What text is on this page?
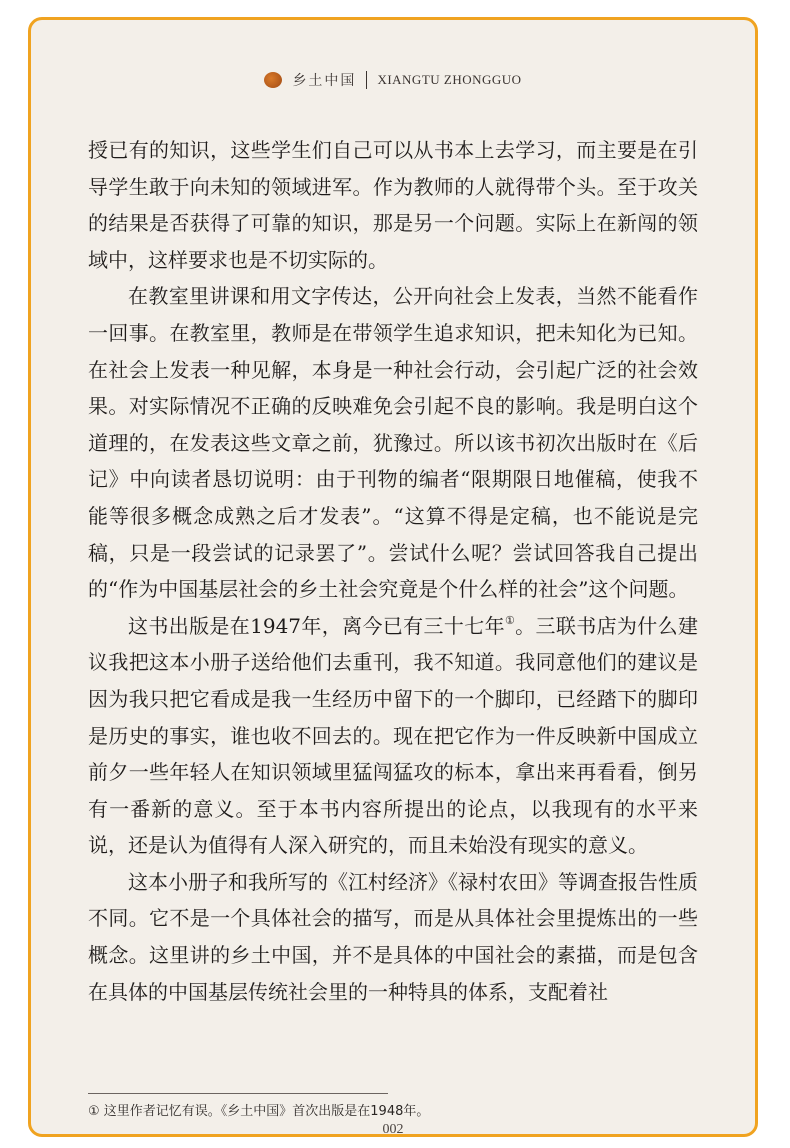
乡土中国 XIANGTU ZHONGGUO

授已有的知识，这些学生们自己可以从书本上去学习，而主要是在引导学生敢于向未知的领域进军。作为教师的人就得带个头。至于攻关的结果是否获得了可靠的知识，那是另一个问题。实际上在新闯的领域中，这样要求也是不切实际的。

在教室里讲课和用文字传达，公开向社会上发表，当然不能看作一回事。在教室里，教师是在带领学生追求知识，把未知化为已知。在社会上发表一种见解，本身是一种社会行动，会引起广泛的社会效果。对实际情况不正确的反映难免会引起不良的影响。我是明白这个道理的，在发表这些文章之前，犹豫过。所以该书初次出版时在《后记》中向读者恳切说明：由于刊物的编者“限期限日地催稿，使我不能等很多概念成熟之后才发表”。“这算不得是定稿，也不能说是完稿，只是一段尝试的记录罢了”。尝试什么呢？尝试回答我自己提出的“作为中国基层社会的乡土社会究竟是个什么样的社会”这个问题。

这书出版是在1947年，离今已有三十七年①。三联书店为什么建议我把这本小册子送给他们去重刊，我不知道。我同意他们的建议是因为我只把它看成是我一生经历中留下的一个脚印，已经踏下的脚印是历史的事实，谁也收不回去的。现在把它作为一件反映新中国成立前夕一些年轻人在知识领域里猛闯猛攻的标本，拿出来再看看，倒另有一番新的意义。至于本书内容所提出的论点，以我现有的水平来说，还是认为值得有人深入研究的，而且未始没有现实的意义。

这本小册子和我所写的《江村经济》《禄村农田》等调查报告性质不同。它不是一个具体社会的描写，而是从具体社会里提炼出的一些概念。这里讲的乡土中国，并不是具体的中国社会的素描，而是包含在具体的中国基层传统社会里的一种特具的体系，支配着社

① 这里作者记忆有误。《乡土中国》首次出版是在1948年。
002
